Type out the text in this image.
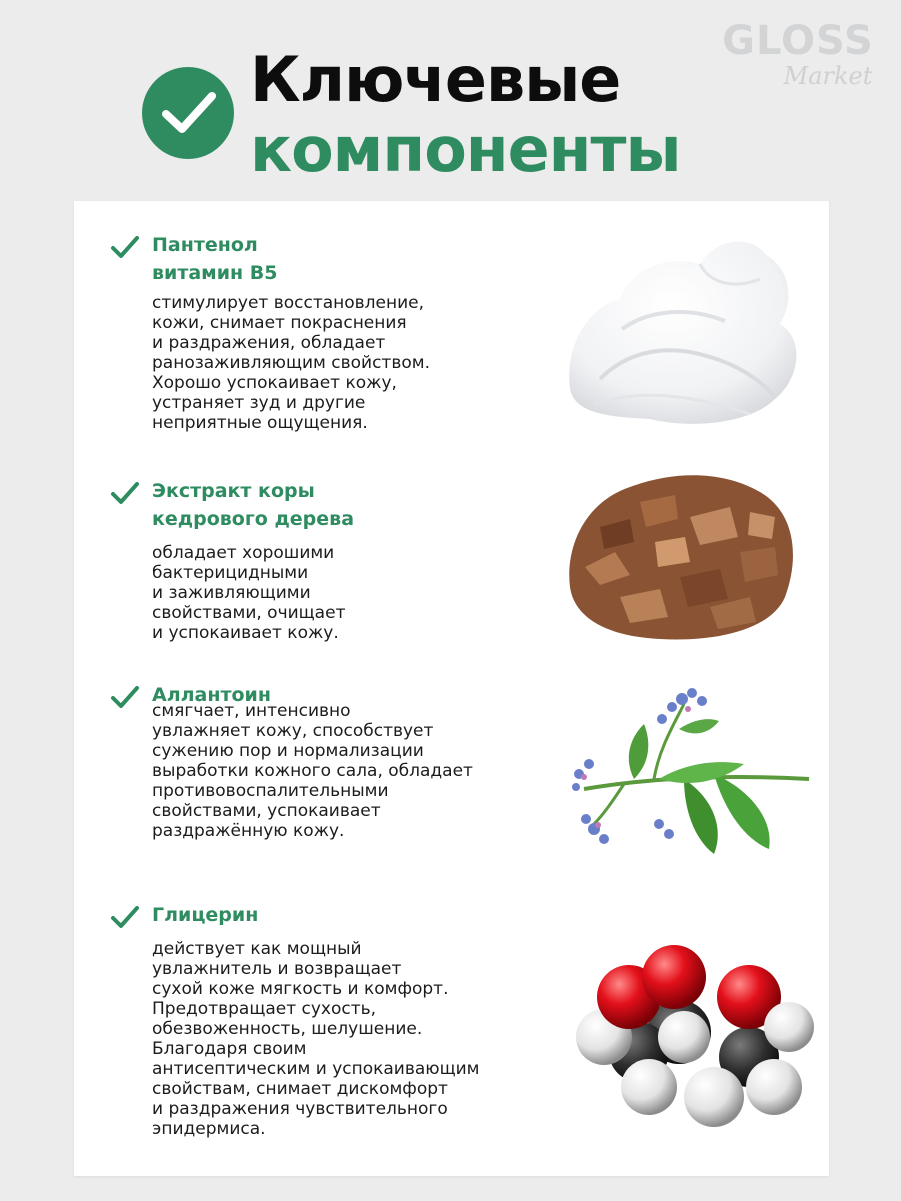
GLOSS
Market
Ключевые
компоненты
Пантенол
витамин В5
стимулирует восстановление,
кожи, снимает покраснения
и раздражения, обладает
ранозаживляющим свойством.
Хорошо успокаивает кожу,
устраняет зуд и другие
неприятные ощущения.
Экстракт коры
кедрового дерева
обладает хорошими
бактерицидными
и заживляющими
свойствами, очищает
и успокаивает кожу.
Аллантоин
смягчает, интенсивно
увлажняет кожу, способствует
сужению пор и нормализации
выработки кожного сала, обладает
противовоспалительными
свойствами, успокаивает
раздражённую кожу.
Глицерин
действует как мощный
увлажнитель и возвращает
сухой коже мягкость и комфорт.
Предотвращает сухость,
обезвоженность, шелушение.
Благодаря своим
антисептическим и успокаивающим
свойствам, снимает дискомфорт
и раздражения чувствительного
эпидермиса.
